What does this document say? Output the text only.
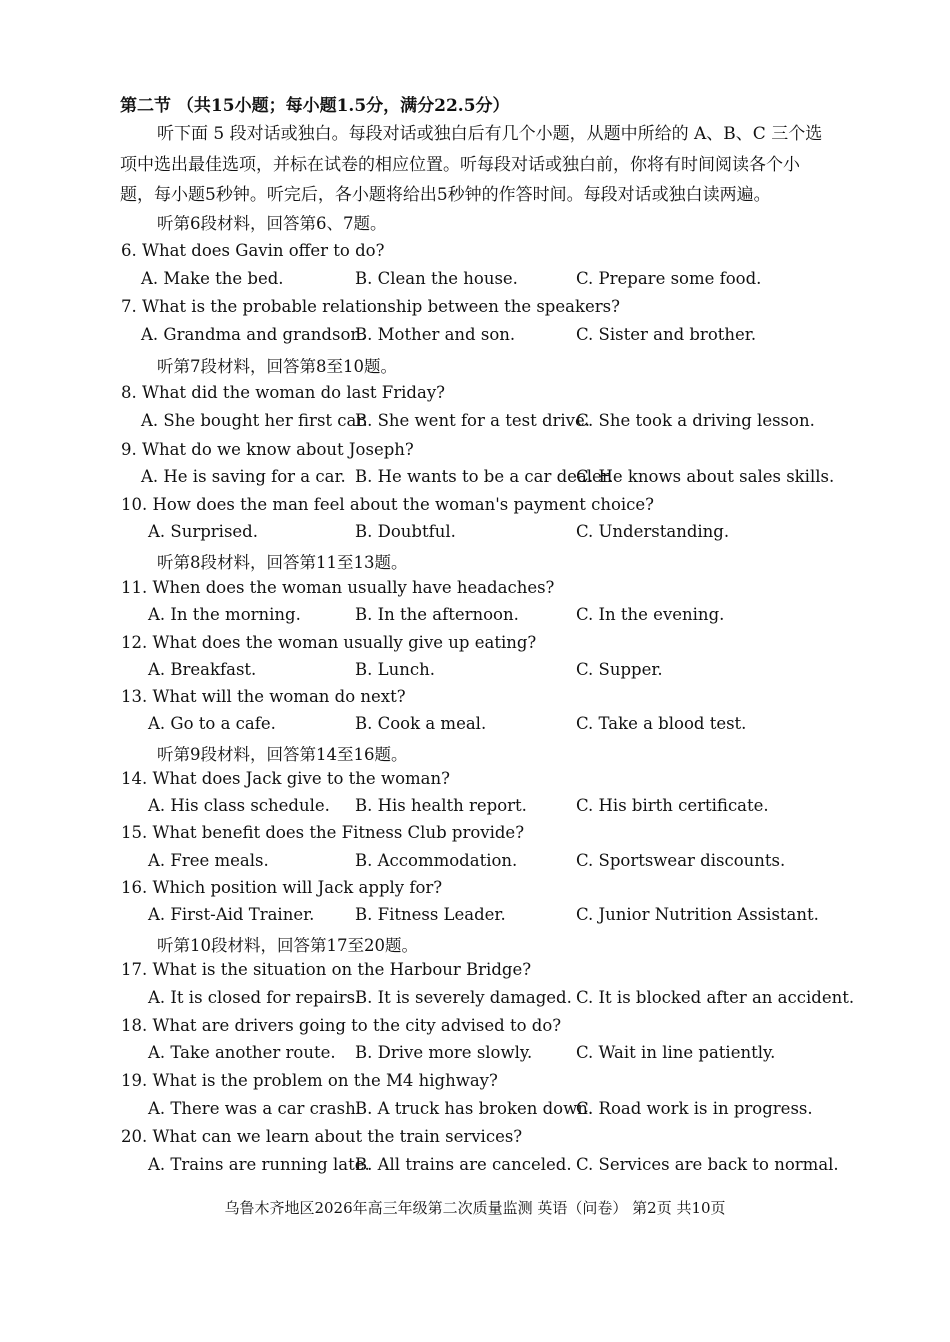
第二节 （共15小题；每小题1.5分，满分22.5分）
听下面 5 段对话或独白。每段对话或独白后有几个小题，从题中所给的 A、B、C 三个选
项中选出最佳选项，并标在试卷的相应位置。听每段对话或独白前，你将有时间阅读各个小
题，每小题5秒钟。听完后，各小题将给出5秒钟的作答时间。每段对话或独白读两遍。
听第6段材料，回答第6、7题。
6. What does Gavin offer to do?
A. Make the bed.	B. Clean the house.	C. Prepare some food.
7. What is the probable relationship between the speakers?
A. Grandma and grandson.
B. Mother and son.	C. Sister and brother.
听第7段材料，回答第8至10题。
8. What did the woman do last Friday?
A. She bought her first car.
B. She went for a test drive.
C. She took a driving lesson.
9. What do we know about Joseph?
A. He is saving for a car. B. He wants to be a car dealer.
C. He knows about sales skills.
10. How does the man feel about the woman's payment choice?
A. Surprised.	B. Doubtful.	C. Understanding.
听第8段材料，回答第11至13题。
11. When does the woman usually have headaches?
A. In the morning.	B. In the afternoon.	C. In the evening.
12. What does the woman usually give up eating?
A. Breakfast.	B. Lunch.	C. Supper.
13. What will the woman do next?
A. Go to a cafe.	B. Cook a meal.	C. Take a blood test.
听第9段材料，回答第14至16题。
14. What does Jack give to the woman?
A. His class schedule. B. His health report.	C. His birth certificate.
15. What benefit does the Fitness Club provide?
A. Free meals.	B. Accommodation.	C. Sportswear discounts.
16. Which position will Jack apply for?
A. First-Aid Trainer. B. Fitness Leader.	C. Junior Nutrition Assistant.
听第10段材料，回答第17至20题。
17. What is the situation on the Harbour Bridge?
A. It is closed for repairs.
B. It is severely damaged. C. It is blocked after an accident.
18. What are drivers going to the city advised to do?
A. Take another route. B. Drive more slowly.	C. Wait in line patiently.
19. What is the problem on the M4 highway?
A. There was a car crash.
B. A truck has broken down.
C. Road work is in progress.
20. What can we learn about the train services?
A. Trains are running late.
B. All trains are canceled. C. Services are back to normal.
乌鲁木齐地区2026年高三年级第二次质量监测 英语（问卷） 第2页 共10页
